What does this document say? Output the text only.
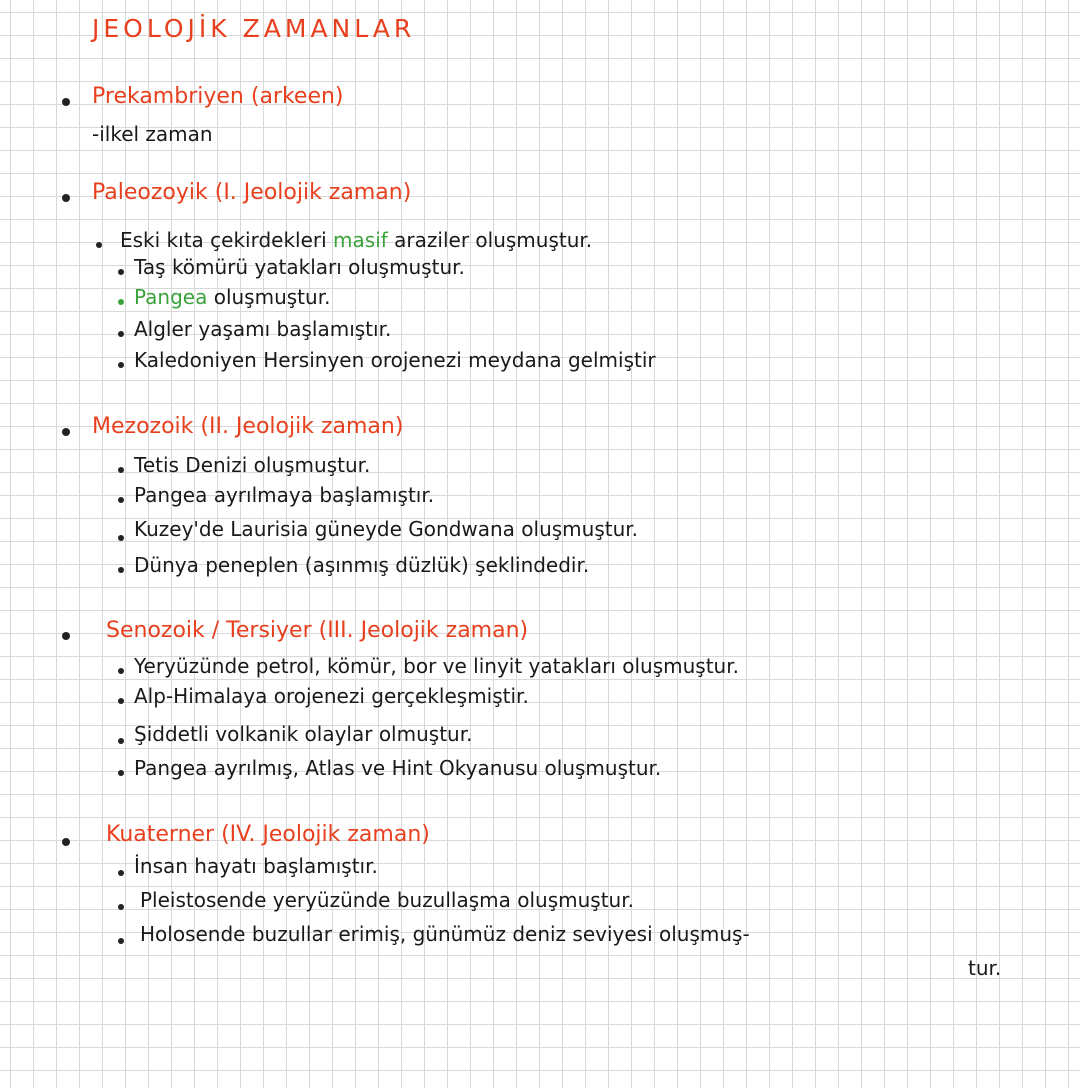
JEOLOJİK ZAMANLAR
Prekambriyen (arkeen)
-ilkel zaman
Paleozoyik (I. Jeolojik zaman)
Eski kıta çekirdekleri masif araziler oluşmuştur.
Taş kömürü yatakları oluşmuştur.
Pangea oluşmuştur.
Algler yaşamı başlamıştır.
Kaledoniyen Hersinyen orojenezi meydana gelmiştir
Mezozoik (II. Jeolojik zaman)
Tetis Denizi oluşmuştur.
Pangea ayrılmaya başlamıştır.
Kuzey'de Laurisia güneyde Gondwana oluşmuştur.
Dünya peneplen (aşınmış düzlük) şeklindedir.
Senozoik / Tersiyer (III. Jeolojik zaman)
Yeryüzünde petrol, kömür, bor ve linyit yatakları oluşmuştur.
Alp-Himalaya orojenezi gerçekleşmiştir.
Şiddetli volkanik olaylar olmuştur.
Pangea ayrılmış, Atlas ve Hint Okyanusu oluşmuştur.
Kuaterner (IV. Jeolojik zaman)
İnsan hayatı başlamıştır.
Pleistosende yeryüzünde buzullaşma oluşmuştur.
Holosende buzullar erimiş, günümüz deniz seviyesi oluşmuş-
tur.
